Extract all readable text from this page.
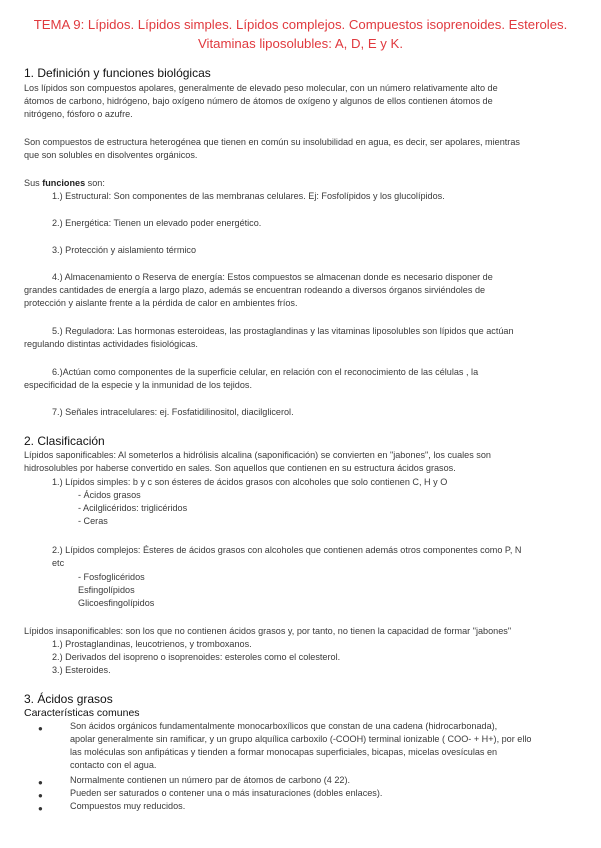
TEMA 9: Lípidos. Lípidos simples. Lípidos complejos. Compuestos isoprenoides. Esteroles.
Vitaminas liposolubles: A, D, E y K.
1. Definición y funciones biológicas
Los lípidos son compuestos apolares, generalmente de elevado peso molecular, con un número relativamente alto de
átomos de carbono, hidrógeno, bajo oxígeno número de átomos de oxígeno y algunos de ellos contienen átomos de
nitrógeno, fósforo o azufre.
Son compuestos de estructura heterogénea que tienen en común su insolubilidad en agua, es decir, ser apolares, mientras
que son solubles en disolventes orgánicos.
Sus funciones son:
1.) Estructural: Son componentes de las membranas celulares. Ej: Fosfolípidos y los glucolípidos.
2.) Energética: Tienen un elevado poder energético.
3.) Protección y aislamiento térmico
4.) Almacenamiento o Reserva de energía: Estos compuestos se almacenan donde es necesario disponer de
grandes cantidades de energía a largo plazo, además se encuentran rodeando a diversos órganos sirviéndoles de
protección y aislante frente a la pérdida de calor en ambientes fríos.
5.) Reguladora: Las hormonas esteroideas, las prostaglandinas y las vitaminas liposolubles son lípidos que actúan
regulando distintas actividades fisiológicas.
6.)Actúan como componentes de la superficie celular, en relación con el reconocimiento de las células , la
especificidad de la especie y la inmunidad de los tejidos.
7.) Señales intracelulares: ej. Fosfatidilinositol, diacilglicerol.
2. Clasificación
Lípidos saponificables: Al someterlos a hidrólisis alcalina (saponificación) se convierten en "jabones", los cuales son
hidrosolubles por haberse convertido en sales. Son aquellos que contienen en su estructura ácidos grasos.
1.) Lípidos simples: b y c son ésteres de ácidos grasos con alcoholes que solo contienen C, H y O
- Ácidos grasos
- Acilglicéridos: triglicéridos
- Ceras
2.) Lípidos complejos: Ésteres de ácidos grasos con alcoholes que contienen además otros componentes como P, N
etc
- Fosfoglicéridos
Esfingolípidos
Glicoesfingolípidos
Lípidos insaponificables: son los que no contienen ácidos grasos y, por tanto, no tienen la capacidad de formar "jabones"
1.) Prostaglandinas, leucotrienos, y tromboxanos.
2.) Derivados del isopreno o isoprenoides: esteroles como el colesterol.
3.) Esteroides.
3. Ácidos grasos
Características comunes
●	Son ácidos orgánicos fundamentalmente monocarboxílicos que constan de una cadena (hidrocarbonada),
apolar generalmente sin ramificar, y un grupo alquílica carboxilo (-COOH) terminal ionizable ( COO- + H+), por ello
las moléculas son anfipáticas y tienden a formar monocapas superficiales, bicapas, micelas ovesículas en
contacto con el agua.
●	Normalmente contienen un número par de átomos de carbono (4 22).
●	Pueden ser saturados o contener una o más insaturaciones (dobles enlaces).
●	Compuestos muy reducidos.
